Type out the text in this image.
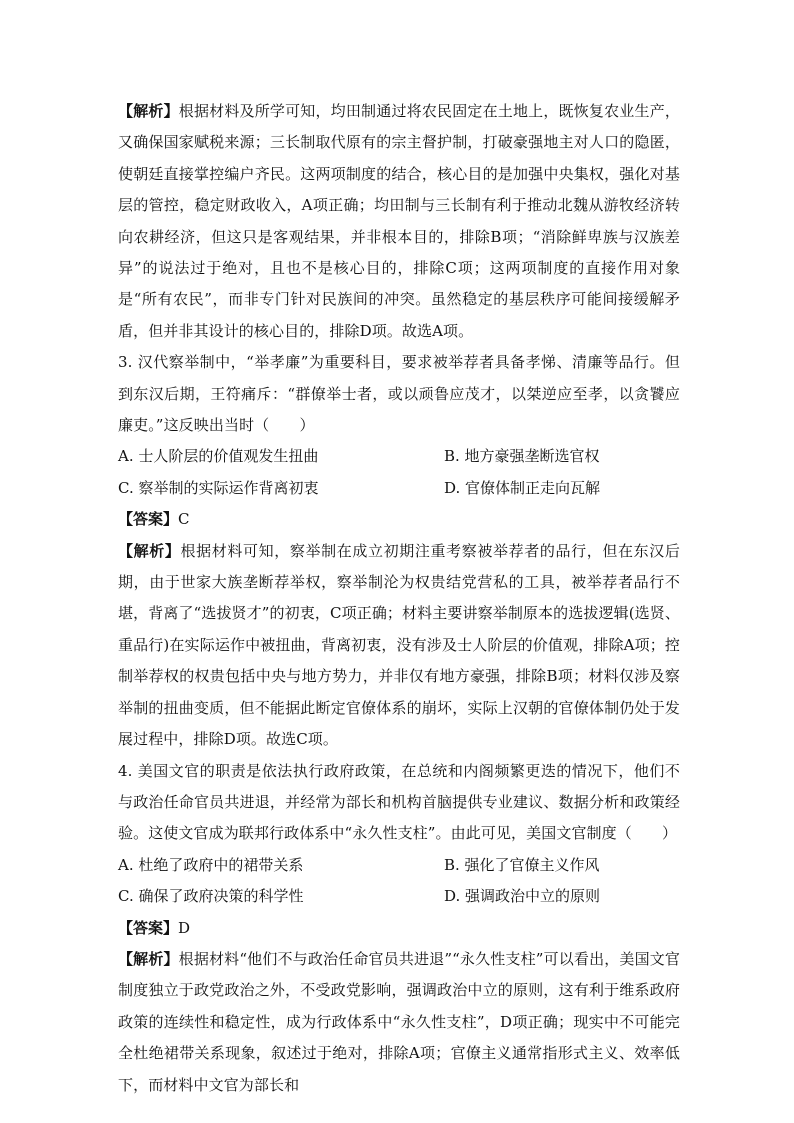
【解析】根据材料及所学可知，均田制通过将农民固定在土地上，既恢复农业生产，又确保国家赋税来源；三长制取代原有的宗主督护制，打破豪强地主对人口的隐匿，使朝廷直接掌控编户齐民。这两项制度的结合，核心目的是加强中央集权，强化对基层的管控，稳定财政收入，A项正确；均田制与三长制有利于推动北魏从游牧经济转向农耕经济，但这只是客观结果，并非根本目的，排除B项；“消除鲜卑族与汉族差异”的说法过于绝对，且也不是核心目的，排除C项；这两项制度的直接作用对象是“所有农民”，而非专门针对民族间的冲突。虽然稳定的基层秩序可能间接缓解矛盾，但并非其设计的核心目的，排除D项。故选A项。

3. 汉代察举制中，“举孝廉”为重要科目，要求被举荐者具备孝悌、清廉等品行。但到东汉后期，王符痛斥：“群僚举士者，或以顽鲁应茂才，以桀逆应至孝，以贪饕应廉吏。”这反映出当时（　　）

A. 士人阶层的价值观发生扭曲	B. 地方豪强垄断选官权
C. 察举制的实际运作背离初衷	D. 官僚体制正走向瓦解

【答案】C

【解析】根据材料可知，察举制在成立初期注重考察被举荐者的品行，但在东汉后期，由于世家大族垄断荐举权，察举制沦为权贵结党营私的工具，被举荐者品行不堪，背离了“选拔贤才”的初衷，C项正确；材料主要讲察举制原本的选拔逻辑(选贤、重品行)在实际运作中被扭曲，背离初衷，没有涉及士人阶层的价值观，排除A项；控制举荐权的权贵包括中央与地方势力，并非仅有地方豪强，排除B项；材料仅涉及察举制的扭曲变质，但不能据此断定官僚体系的崩坏，实际上汉朝的官僚体制仍处于发展过程中，排除D项。故选C项。

4. 美国文官的职责是依法执行政府政策，在总统和内阁频繁更迭的情况下，他们不与政治任命官员共进退，并经常为部长和机构首脑提供专业建议、数据分析和政策经验。这使文官成为联邦行政体系中“永久性支柱”。由此可见，美国文官制度（　　）

A. 杜绝了政府中的裙带关系	B. 强化了官僚主义作风
C. 确保了政府决策的科学性	D. 强调政治中立的原则

【答案】D

【解析】根据材料“他们不与政治任命官员共进退”“永久性支柱”可以看出，美国文官制度独立于政党政治之外，不受政党影响，强调政治中立的原则，这有利于维系政府政策的连续性和稳定性，成为行政体系中“永久性支柱”，D项正确；现实中不可能完全杜绝裙带关系现象，叙述过于绝对，排除A项；官僚主义通常指形式主义、效率低下，而材料中文官为部长和
